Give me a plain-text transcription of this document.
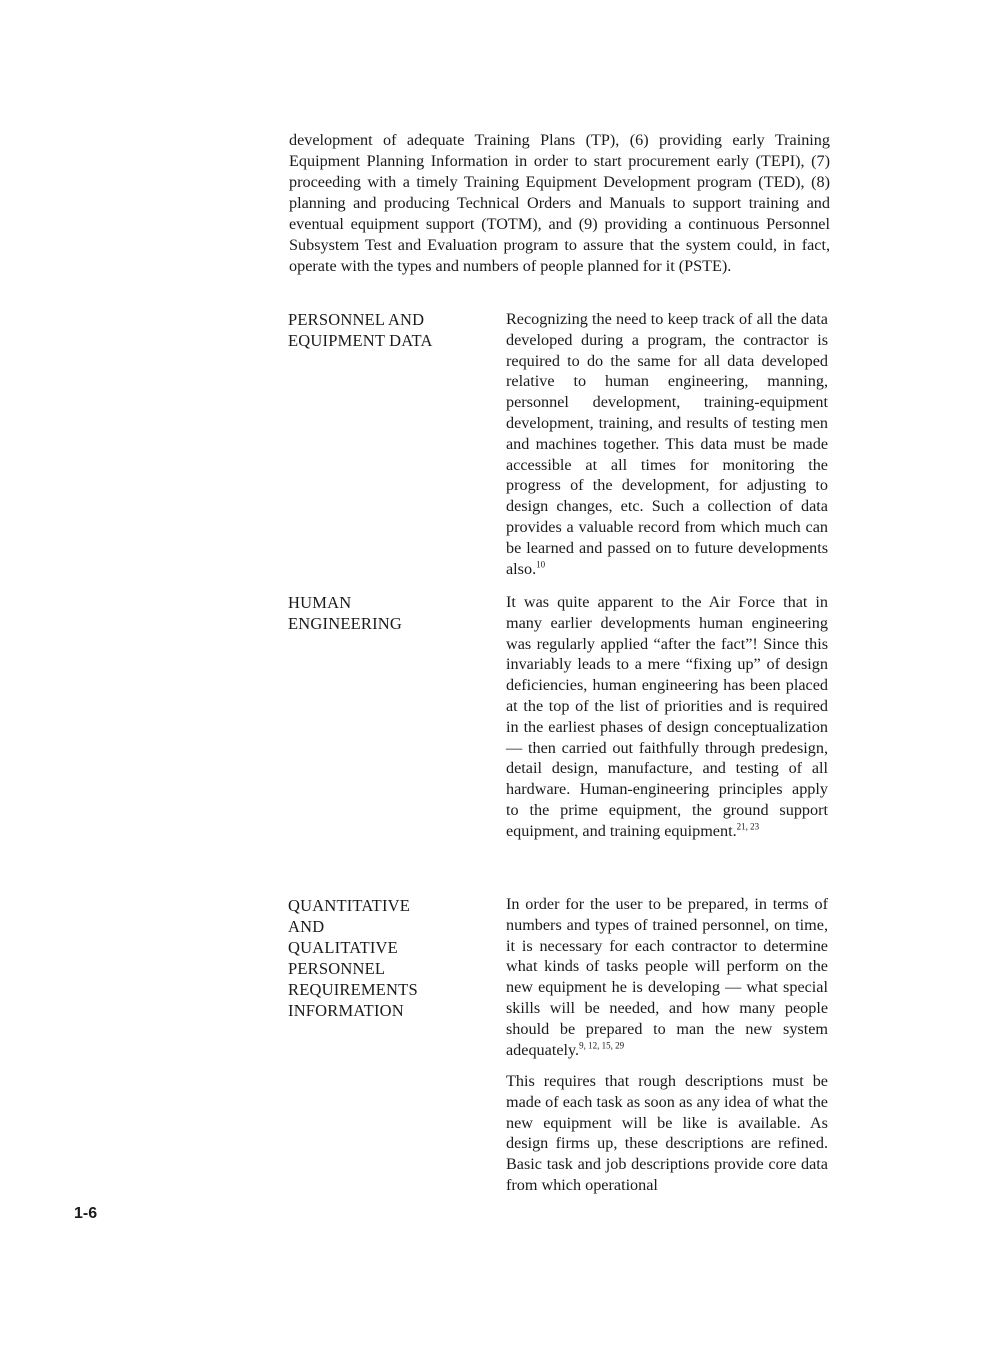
development of adequate Training Plans (TP), (6) providing early Training Equipment Planning Information in order to start procurement early (TEPI), (7) proceeding with a timely Training Equipment Development program (TED), (8) planning and producing Technical Orders and Manuals to support training and eventual equipment support (TOTM), and (9) providing a continuous Personnel Subsystem Test and Evaluation program to assure that the system could, in fact, operate with the types and numbers of people planned for it (PSTE).

PERSONNEL AND
EQUIPMENT DATA

Recognizing the need to keep track of all the data developed during a program, the contractor is required to do the same for all data developed relative to human engineering, manning, personnel development, training-equipment development, training, and results of testing men and machines together. This data must be made accessible at all times for monitoring the progress of the development, for adjusting to design changes, etc. Such a collection of data provides a valuable record from which much can be learned and passed on to future developments also.$^{10}$

HUMAN
ENGINEERING

It was quite apparent to the Air Force that in many earlier developments human engineering was regularly applied “after the fact”! Since this invariably leads to a mere “fixing up” of design deficiencies, human engineering has been placed at the top of the list of priorities and is required in the earliest phases of design conceptualization — then carried out faithfully through predesign, detail design, manufacture, and testing of all hardware. Human-engineering principles apply to the prime equipment, the ground support equipment, and training equipment.$^{21, 23}$

QUANTITATIVE
AND
QUALITATIVE
PERSONNEL
REQUIREMENTS
INFORMATION

In order for the user to be prepared, in terms of numbers and types of trained personnel, on time, it is necessary for each contractor to determine what kinds of tasks people will perform on the new equipment he is developing — what special skills will be needed, and how many people should be prepared to man the new system adequately.$^{9, 12, 15, 29}$

This requires that rough descriptions must be made of each task as soon as any idea of what the new equipment will be like is available. As design firms up, these descriptions are refined. Basic task and job descriptions provide core data from which operational

1-6
